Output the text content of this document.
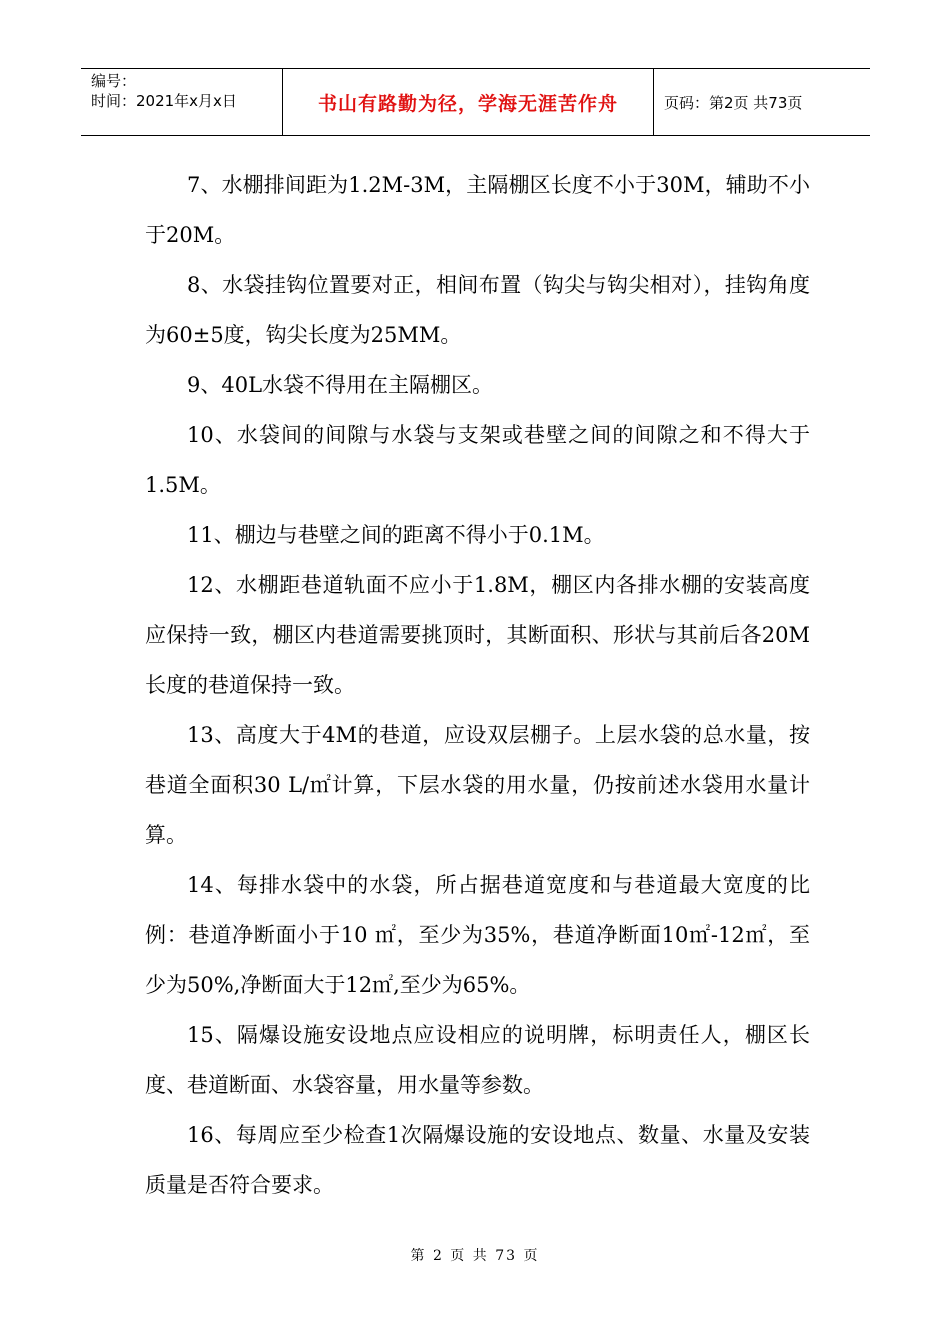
编号：
时间：2021年x月x日	书山有路勤为径，学海无涯苦作舟	页码：第2页 共73页

7、水棚排间距为1.2M-3M，主隔棚区长度不小于30M，辅助不小于20M。

8、水袋挂钩位置要对正，相间布置（钩尖与钩尖相对），挂钩角度为60±5度，钩尖长度为25MM。

9、40L水袋不得用在主隔棚区。

10、水袋间的间隙与水袋与支架或巷壁之间的间隙之和不得大于1.5M。

11、棚边与巷壁之间的距离不得小于0.1M。

12、水棚距巷道轨面不应小于1.8M，棚区内各排水棚的安装高度应保持一致，棚区内巷道需要挑顶时，其断面积、形状与其前后各20M长度的巷道保持一致。

13、高度大于4M的巷道，应设双层棚子。上层水袋的总水量，按巷道全面积30 L/㎡计算，下层水袋的用水量，仍按前述水袋用水量计算。

14、每排水袋中的水袋，所占据巷道宽度和与巷道最大宽度的比例：巷道净断面小于10 ㎡，至少为35%，巷道净断面10㎡-12㎡，至少为50%,净断面大于12㎡,至少为65%。

15、隔爆设施安设地点应设相应的说明牌，标明责任人，棚区长度、巷道断面、水袋容量，用水量等参数。

16、每周应至少检查1次隔爆设施的安设地点、数量、水量及安装质量是否符合要求。

第 2 页 共 73 页
